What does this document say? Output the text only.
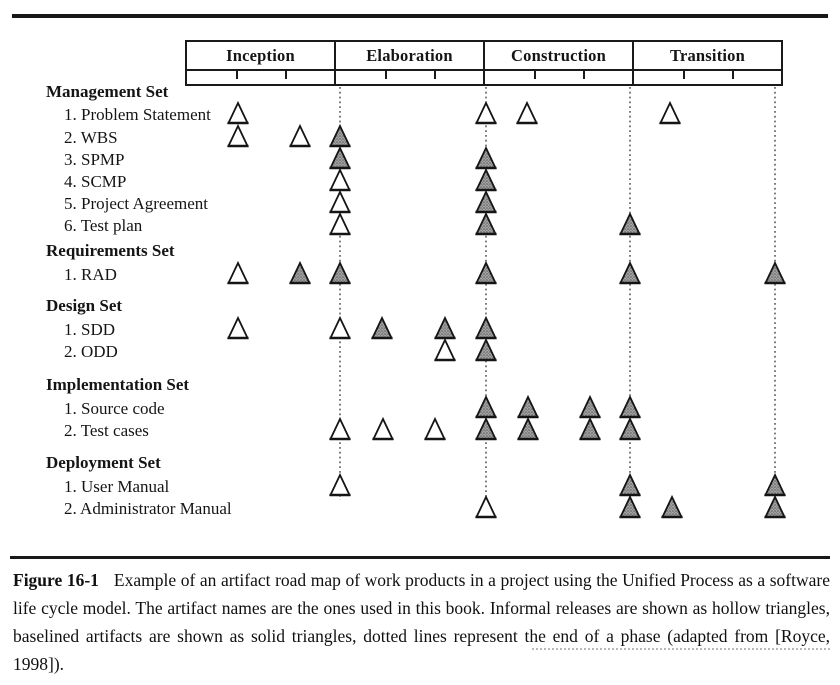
Inception	Elaboration	Construction	Transition
Management Set
1. Problem Statement
2. WBS
3. SPMP
4. SCMP
5. Project Agreement
6. Test plan
Requirements Set
1. RAD
Design Set
1. SDD
2. ODD
Implementation Set
1. Source code
2. Test cases
Deployment Set
1. User Manual
2. Administrator Manual
Figure 16-1 Example of an artifact road map of work products in a project using the Unified Process as a software life cycle model. The artifact names are the ones used in this book. Informal releases are shown as hollow triangles, baselined artifacts are shown as solid triangles, dotted lines represent the end of a phase (adapted from [Royce, 1998]).
